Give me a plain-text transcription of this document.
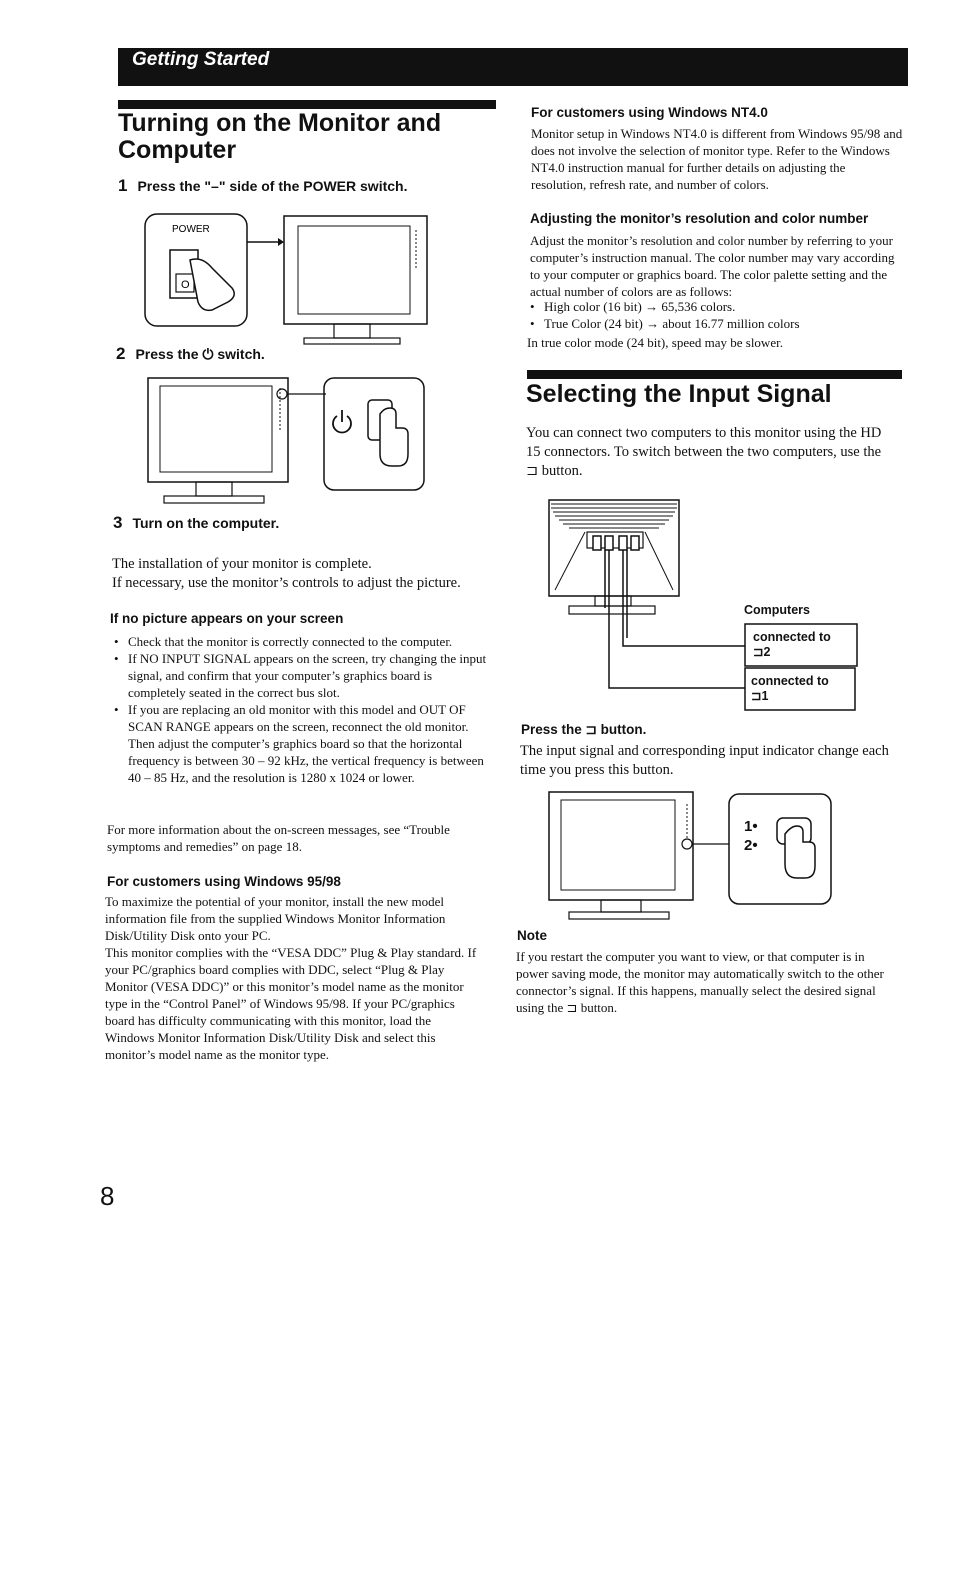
Getting Started
Turning on the Monitor and
Computer
1 Press the "–" side of the POWER switch.
POWER
O
2 Press the ⏻ switch.
3 Turn on the computer.
The installation of your monitor is complete.
If necessary, use the monitor’s controls to adjust the picture.
If no picture appears on your screen
• Check that the monitor is correctly connected to the computer.
• If NO INPUT SIGNAL appears on the screen, try changing the input signal, and confirm that your computer’s graphics board is completely seated in the correct bus slot.
• If you are replacing an old monitor with this model and OUT OF SCAN RANGE appears on the screen, reconnect the old monitor. Then adjust the computer’s graphics board so that the horizontal frequency is between 30 – 92 kHz, the vertical frequency is between 40 – 85 Hz, and the resolution is 1280 x 1024 or lower.
For more information about the on-screen messages, see “Trouble symptoms and remedies” on page 18.
For customers using Windows 95/98
To maximize the potential of your monitor, install the new model information file from the supplied Windows Monitor Information Disk/Utility Disk onto your PC.
This monitor complies with the “VESA DDC” Plug & Play standard. If your PC/graphics board complies with DDC, select “Plug & Play Monitor (VESA DDC)” or this monitor’s model name as the monitor type in the “Control Panel” of Windows 95/98. If your PC/graphics board has difficulty communicating with this monitor, load the Windows Monitor Information Disk/Utility Disk and select this monitor’s model name as the monitor type.
For customers using Windows NT4.0
Monitor setup in Windows NT4.0 is different from Windows 95/98 and does not involve the selection of monitor type. Refer to the Windows NT4.0 instruction manual for further details on adjusting the resolution, refresh rate, and number of colors.
Adjusting the monitor’s resolution and color number
Adjust the monitor’s resolution and color number by referring to your computer’s instruction manual. The color number may vary according to your computer or graphics board. The color palette setting and the actual number of colors are as follows:
• High color (16 bit) → 65,536 colors.
• True Color (24 bit) → about 16.77 million colors
In true color mode (24 bit), speed may be slower.
Selecting the Input Signal
You can connect two computers to this monitor using the HD 15 connectors. To switch between the two computers, use the ⊐ button.
Computers
connected to
⊐2
connected to
⊐1
Press the ⊐ button.
The input signal and corresponding input indicator change each time you press this button.
1•
2•
Note
If you restart the computer you want to view, or that computer is in power saving mode, the monitor may automatically switch to the other connector’s signal. If this happens, manually select the desired signal using the ⊐ button.
8
